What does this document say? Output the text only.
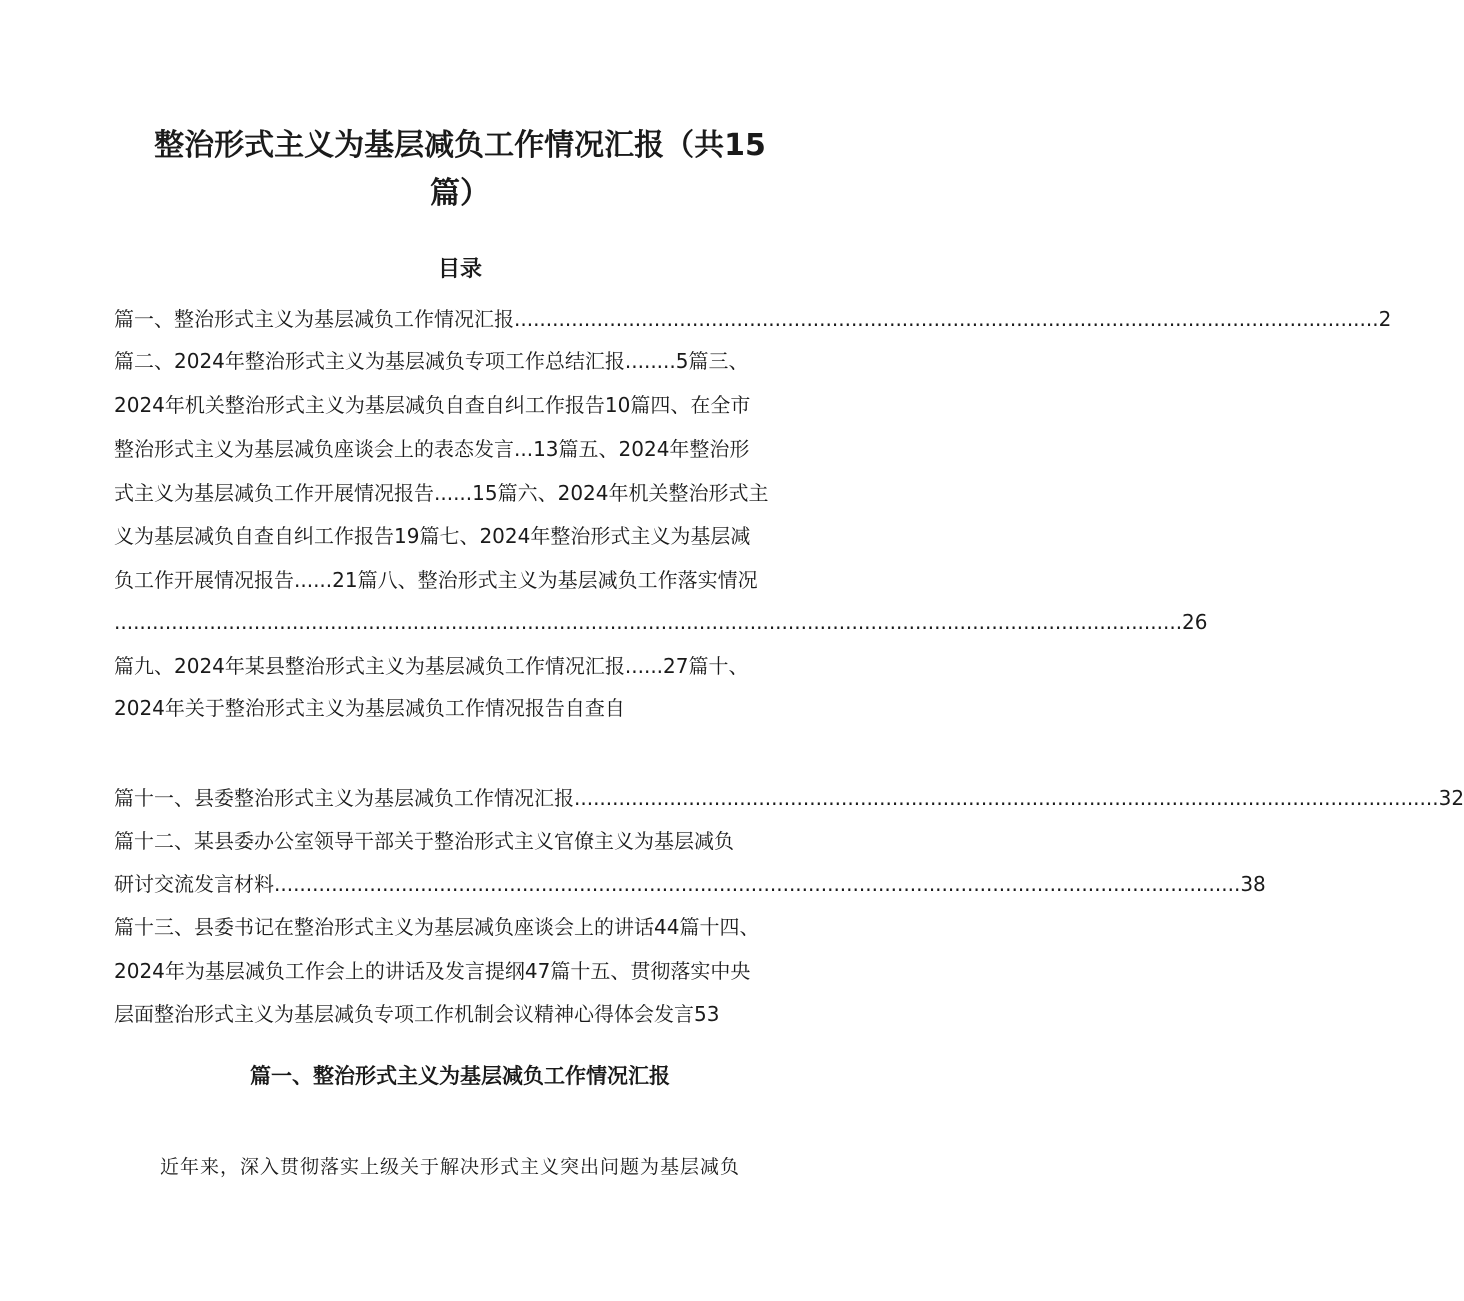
整治形式主义为基层减负工作情况汇报（共15
篇）
目录
篇一、整治形式主义为基层减负工作情况汇报 ........................................................................................................................................ 2
篇二、2024年整治形式主义为基层减负专项工作总结汇报........5篇三、
2024年机关整治形式主义为基层减负自查自纠工作报告10篇四、在全市
整治形式主义为基层减负座谈会上的表态发言...13篇五、2024年整治形
式主义为基层减负工作开展情况报告......15篇六、2024年机关整治形式主
义为基层减负自查自纠工作报告19篇七、2024年整治形式主义为基层减
负工作开展情况报告......21篇八、整治形式主义为基层减负工作落实情况
........................................................................................................................................................................ 26
篇九、2024年某县整治形式主义为基层减负工作情况汇报......27篇十、
2024年关于整治形式主义为基层减负工作情况报告自查自
篇十一、县委整治形式主义为基层减负工作情况汇报 ........................................................................................................................................ 32
篇十二、某县委办公室领导干部关于整治形式主义官僚主义为基层减负
研讨交流发言材料 ........................................................................................................................................................ 38
篇十三、县委书记在整治形式主义为基层减负座谈会上的讲话44篇十四、
2024年为基层减负工作会上的讲话及发言提纲47篇十五、贯彻落实中央
层面整治形式主义为基层减负专项工作机制会议精神心得体会发言53
篇一、整治形式主义为基层减负工作情况汇报

近年来，深入贯彻落实上级关于解决形式主义突出问题为基层减负
